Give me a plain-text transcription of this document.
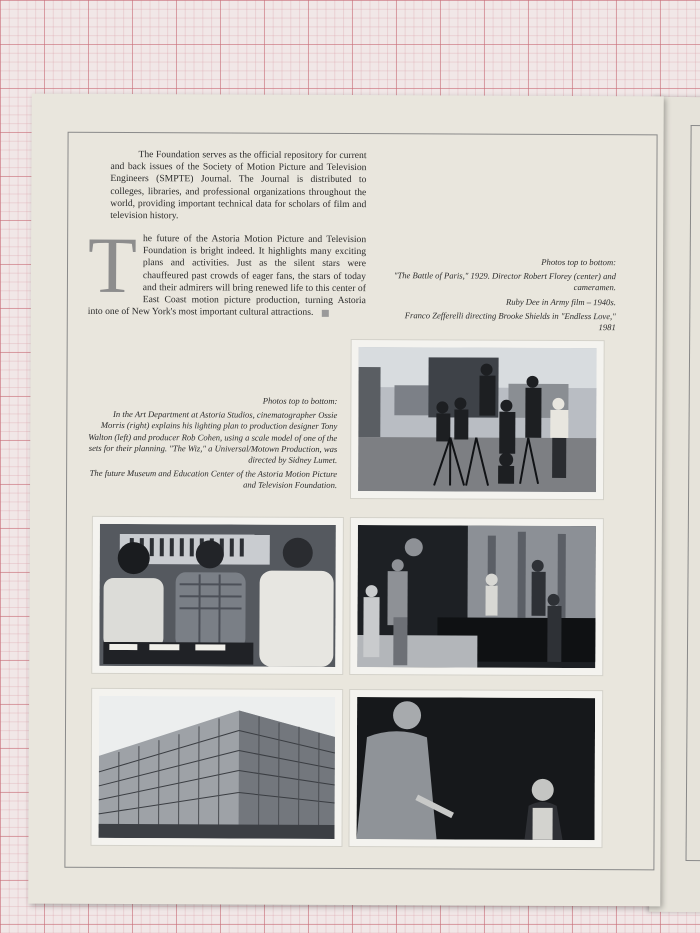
The Foundation serves as the official repository for current and back issues of the Society of Motion Picture and Television Engineers (SMPTE) Journal. The Journal is distributed to colleges, libraries, and professional organizations throughout the world, providing important technical data for scholars of film and television history.

The future of the Astoria Motion Picture and Television Foundation is bright indeed. It highlights many exciting plans and activities. Just as the silent stars were chauffeured past crowds of eager fans, the stars of today and their admirers will bring renewed life to this center of East Coast motion picture production, turning Astoria into one of New York's most important cultural attractions.

Photos top to bottom:

"The Battle of Paris," 1929. Director Robert Florey (center) and cameramen.

Ruby Dee in Army film – 1940s.

Franco Zefferelli directing Brooke Shields in "Endless Love," 1981

Photos top to bottom:

In the Art Department at Astoria Studios, cinematographer Ossie Morris (right) explains his lighting plan to production designer Tony Walton (left) and producer Rob Cohen, using a scale model of one of the sets for their planning. "The Wiz," a Universal/Motown Production, was directed by Sidney Lumet.

The future Museum and Education Center of the Astoria Motion Picture and Television Foundation.
